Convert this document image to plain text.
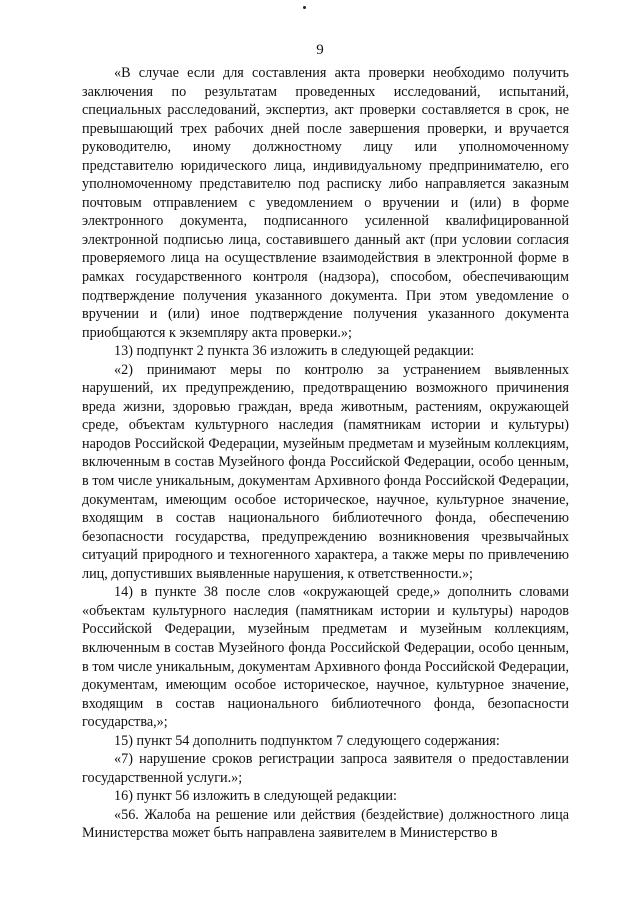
9

«В случае если для составления акта проверки необходимо получить заключения по результатам проведенных исследований, испытаний, специальных расследований, экспертиз, акт проверки составляется в срок, не превышающий трех рабочих дней после завершения проверки, и вручается руководителю, иному должностному лицу или уполномоченному представителю юридического лица, индивидуальному предпринимателю, его уполномоченному представителю под расписку либо направляется заказным почтовым отправлением с уведомлением о вручении и (или) в форме электронного документа, подписанного усиленной квалифицированной электронной подписью лица, составившего данный акт (при условии согласия проверяемого лица на осуществление взаимодействия в электронной форме в рамках государственного контроля (надзора), способом, обеспечивающим подтверждение получения указанного документа. При этом уведомление о вручении и (или) иное подтверждение получения указанного документа приобщаются к экземпляру акта проверки.»;

13) подпункт 2 пункта 36 изложить в следующей редакции:

«2) принимают меры по контролю за устранением выявленных нарушений, их предупреждению, предотвращению возможного причинения вреда жизни, здоровью граждан, вреда животным, растениям, окружающей среде, объектам культурного наследия (памятникам истории и культуры) народов Российской Федерации, музейным предметам и музейным коллекциям, включенным в состав Музейного фонда Российской Федерации, особо ценным, в том числе уникальным, документам Архивного фонда Российской Федерации, документам, имеющим особое историческое, научное, культурное значение, входящим в состав национального библиотечного фонда, обеспечению безопасности государства, предупреждению возникновения чрезвычайных ситуаций природного и техногенного характера, а также меры по привлечению лиц, допустивших выявленные нарушения, к ответственности.»;

14) в пункте 38 после слов «окружающей среде,» дополнить словами «объектам культурного наследия (памятникам истории и культуры) народов Российской Федерации, музейным предметам и музейным коллекциям, включенным в состав Музейного фонда Российской Федерации, особо ценным, в том числе уникальным, документам Архивного фонда Российской Федерации, документам, имеющим особое историческое, научное, культурное значение, входящим в состав национального библиотечного фонда, безопасности государства,»;

15) пункт 54 дополнить подпунктом 7 следующего содержания:

«7) нарушение сроков регистрации запроса заявителя о предоставлении государственной услуги.»;

16) пункт 56 изложить в следующей редакции:

«56. Жалоба на решение или действия (бездействие) должностного лица Министерства может быть направлена заявителем в Министерство в
